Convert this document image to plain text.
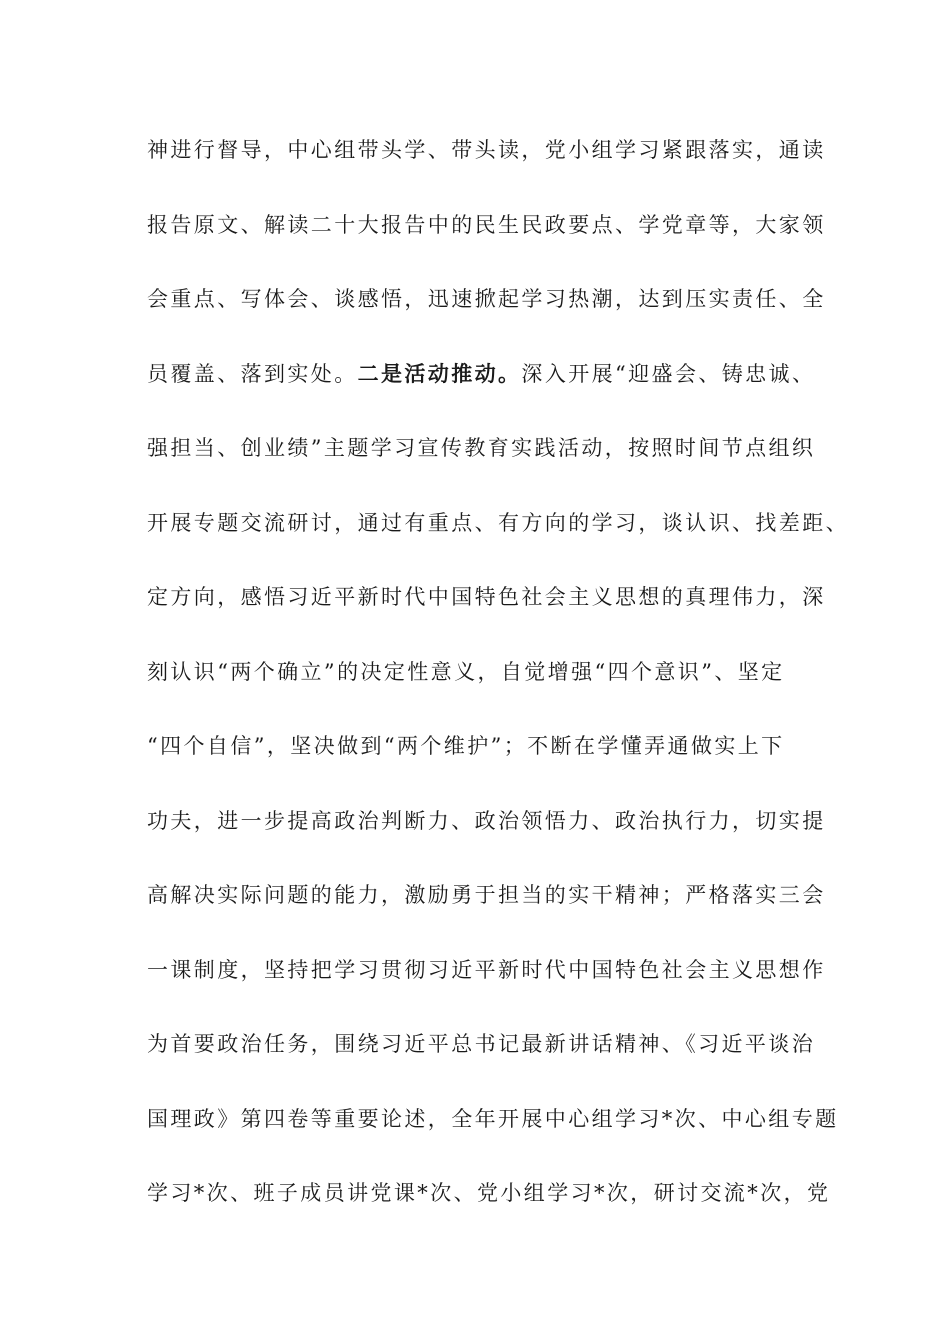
神进行督导，中心组带头学、带头读，党小组学习紧跟落实，通读
报告原文、解读二十大报告中的民生民政要点、学党章等，大家领
会重点、写体会、谈感悟，迅速掀起学习热潮，达到压实责任、全
员覆盖、落到实处。二是活动推动。深入开展“迎盛会、铸忠诚、
强担当、创业绩”主题学习宣传教育实践活动，按照时间节点组织
开展专题交流研讨，通过有重点、有方向的学习，谈认识、找差距、
定方向，感悟习近平新时代中国特色社会主义思想的真理伟力，深
刻认识“两个确立”的决定性意义，自觉增强“四个意识”、坚定
“四个自信”，坚决做到“两个维护”；不断在学懂弄通做实上下
功夫，进一步提高政治判断力、政治领悟力、政治执行力，切实提
高解决实际问题的能力，激励勇于担当的实干精神；严格落实三会
一课制度，坚持把学习贯彻习近平新时代中国特色社会主义思想作
为首要政治任务，围绕习近平总书记最新讲话精神、《习近平谈治
国理政》第四卷等重要论述，全年开展中心组学习*次、中心组专题
学习*次、班子成员讲党课*次、党小组学习*次，研讨交流*次，党
